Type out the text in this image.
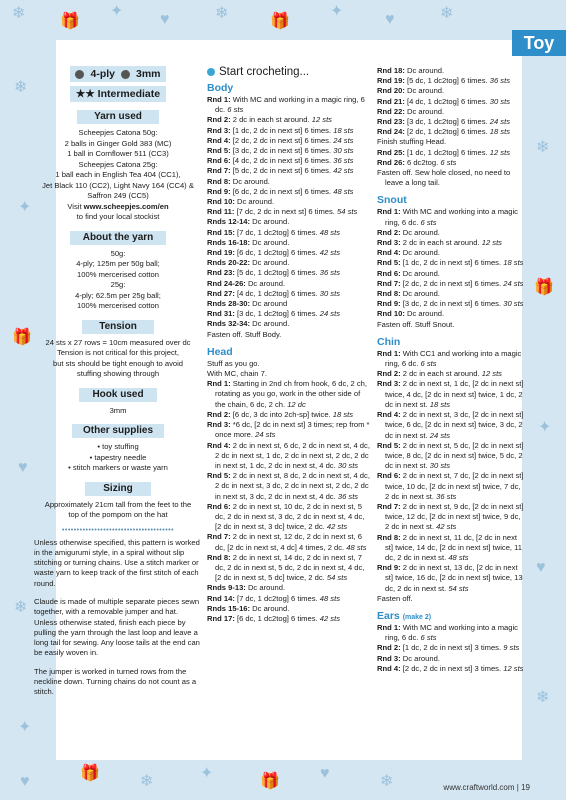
❄ 🎁
✦ ♥	❄	🎁
✦	♥	❄
❄
✦
🎁
♥
❄
✦
❄
🎁
✦
♥
❄
♥	🎁	❄	✦	🎁	♥	❄
Toy
4-ply 3mm
★★
Intermediate
Yarn used
Scheepjes Catona 50g:
2 balls in Ginger Gold 383 (MC)
1 ball in Cornflower 511 (CC3)
Scheepjes Catona 25g:
1 ball each in English Tea 404 (CC1),
Jet Black 110 (CC2), Light Navy 164 (CC4) &
Saffron 249 (CC5)
Visit www.scheepjes.com/en
to find your local stockist
About the yarn
50g:
4-ply; 125m per 50g ball;
100% mercerised cotton
25g:
4-ply; 62.5m per 25g ball;
100% mercerised cotton
Tension
24 sts x 27 rows = 10cm measured over dc
Tension is not critical for this project,
but sts should be tight enough to avoid
stuffing showing through
Hook used
3mm
Other supplies
• toy stuffing
• tapestry needle
• stitch markers or waste yarn
Sizing
Approximately 21cm tall from the feet to the
top of the pompom on the hat
••••••••••••••••••••••••••••••••••••••
Unless otherwise specified, this pattern is worked in the amigurumi style, in a spiral without slip stitching or turning chains. Use a stitch marker or waste yarn to keep track of the first stitch of each round.
Claude is made of multiple separate pieces sewn together, with a removable jumper and hat. Unless otherwise stated, finish each piece by pulling the yarn through the last loop and leave a long tail for sewing. Any loose tails at the end can be easily woven in.
The jumper is worked in turned rows from the neckline down. Turning chains do not count as a stitch.
Start crocheting...
Body
Rnd 1: With MC and working in a magic ring, 6 dc. 6 sts
Rnd 2: 2 dc in each st around. 12 sts
Rnd 3: [1 dc, 2 dc in next st] 6 times. 18 sts
Rnd 4: [2 dc, 2 dc in next st] 6 times. 24 sts
Rnd 5: [3 dc, 2 dc in next st] 6 times. 30 sts
Rnd 6: [4 dc, 2 dc in next st] 6 times. 36 sts
Rnd 7: [5 dc, 2 dc in next st] 6 times. 42 sts
Rnd 8: Dc around.
Rnd 9: [6 dc, 2 dc in next st] 6 times. 48 sts
Rnd 10: Dc around.
Rnd 11: [7 dc, 2 dc in next st] 6 times. 54 sts
Rnds 12-14: Dc around.
Rnd 15: [7 dc, 1 dc2tog] 6 times. 48 sts
Rnds 16-18: Dc around.
Rnd 19: [6 dc, 1 dc2tog] 6 times. 42 sts
Rnds 20-22: Dc around.
Rnd 23: [5 dc, 1 dc2tog] 6 times. 36 sts
Rnd 24-26: Dc around.
Rnd 27: [4 dc, 1 dc2tog] 6 times. 30 sts
Rnds 28-30: Dc around
Rnd 31: [3 dc, 1 dc2tog] 6 times. 24 sts
Rnds 32-34: Dc around.
Fasten off. Stuff Body.
Head
Stuff as you go.
With MC, chain 7.
Rnd 1: Starting in 2nd ch from hook, 6 dc, 2 ch, rotating as you go, work in the other side of the chain, 6 dc, 2 ch. 12 dc
Rnd 2: [6 dc, 3 dc into 2ch-sp] twice. 18 sts
Rnd 3: *6 dc, [2 dc in next st] 3 times; rep from * once more. 24 sts
Rnd 4: 2 dc in next st, 6 dc, 2 dc in next st, 4 dc, 2 dc in next st, 1 dc, 2 dc in next st, 2 dc, 2 dc in next st, 1 dc, 2 dc in next st, 4 dc. 30 sts
Rnd 5: 2 dc in next st, 8 dc, 2 dc in next st, 4 dc, 2 dc in next st, 3 dc, 2 dc in next st, 2 dc, 2 dc in next st, 3 dc, 2 dc in next st, 4 dc. 36 sts
Rnd 6: 2 dc in next st, 10 dc, 2 dc in next st, 5 dc, 2 dc in next st, 3 dc, 2 dc in next st, 4 dc, [2 dc in next st, 3 dc] twice, 2 dc. 42 sts
Rnd 7: 2 dc in next st, 12 dc, 2 dc in next st, 6 dc, [2 dc in next st, 4 dc] 4 times, 2 dc. 48 sts
Rnd 8: 2 dc in next st, 14 dc, 2 dc in next st, 7 dc, 2 dc in next st, 5 dc, 2 dc in next st, 4 dc, [2 dc in next st, 5 dc] twice, 2 dc. 54 sts
Rnds 9-13: Dc around.
Rnd 14: [7 dc, 1 dc2tog] 6 times. 48 sts
Rnds 15-16: Dc around.
Rnd 17: [6 dc, 1 dc2tog] 6 times. 42 sts
Rnd 18: Dc around.
Rnd 19: [5 dc, 1 dc2tog] 6 times. 36 sts
Rnd 20: Dc around.
Rnd 21: [4 dc, 1 dc2tog] 6 times. 30 sts
Rnd 22: Dc around.
Rnd 23: [3 dc, 1 dc2tog] 6 times. 24 sts
Rnd 24: [2 dc, 1 dc2tog] 6 times. 18 sts
Finish stuffing Head.
Rnd 25: [1 dc, 1 dc2tog] 6 times. 12 sts
Rnd 26: 6 dc2tog. 6 sts
Fasten off. Sew hole closed, no need to leave a long tail.
Snout
Rnd 1: With MC and working into a magic ring, 6 dc. 6 sts
Rnd 2: Dc around.
Rnd 3: 2 dc in each st around. 12 sts
Rnd 4: Dc around.
Rnd 5: [1 dc, 2 dc in next st] 6 times. 18 sts
Rnd 6: Dc around.
Rnd 7: [2 dc, 2 dc in next st] 6 times. 24 sts
Rnd 8: Dc around.
Rnd 9: [3 dc, 2 dc in next st] 6 times. 30 sts
Rnd 10: Dc around.
Fasten off. Stuff Snout.
Chin
Rnd 1: With CC1 and working into a magic ring, 6 dc. 6 sts
Rnd 2: 2 dc in each st around. 12 sts
Rnd 3: 2 dc in next st, 1 dc, [2 dc in next st] twice, 4 dc, [2 dc in next st] twice, 1 dc, 2 dc in next st. 18 sts
Rnd 4: 2 dc in next st, 3 dc, [2 dc in next st] twice, 6 dc, [2 dc in next st] twice, 3 dc, 2 dc in next st. 24 sts
Rnd 5: 2 dc in next st, 5 dc, [2 dc in next st] twice, 8 dc, [2 dc in next st] twice, 5 dc, 2 dc in next st. 30 sts
Rnd 6: 2 dc in next st, 7 dc, [2 dc in next st] twice, 10 dc, [2 dc in next st] twice, 7 dc, 2 dc in next st. 36 sts
Rnd 7: 2 dc in next st, 9 dc, [2 dc in next st] twice, 12 dc, [2 dc in next st] twice, 9 dc, 2 dc in next st. 42 sts
Rnd 8: 2 dc in next st, 11 dc, [2 dc in next st] twice, 14 dc, [2 dc in next st] twice, 11 dc, 2 dc in next st. 48 sts
Rnd 9: 2 dc in next st, 13 dc, [2 dc in next st] twice, 16 dc, [2 dc in next st] twice, 13 dc, 2 dc in next st. 54 sts
Fasten off.
Ears (make 2)
Rnd 1: With MC and working into a magic ring, 6 dc. 6 sts
Rnd 2: [1 dc, 2 dc in next st] 3 times. 9 sts
Rnd 3: Dc around.
Rnd 4: [2 dc, 2 dc in next st] 3 times. 12 sts
www.craftworld.com | 19
